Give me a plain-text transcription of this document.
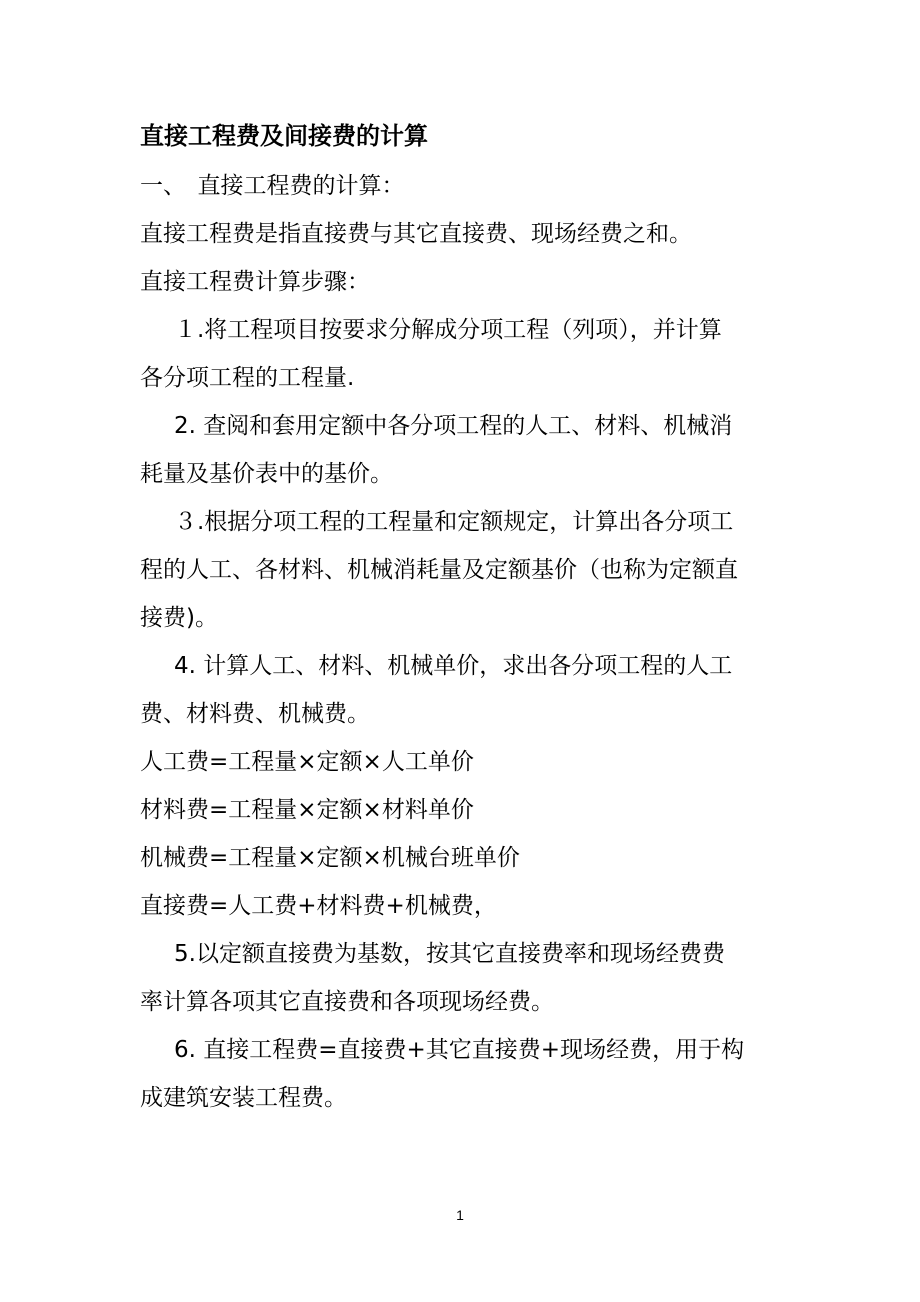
直接工程费及间接费的计算
一、　直接工程费的计算：
直接工程费是指直接费与其它直接费、现场经费之和。
直接工程费计算步骤：
１.将工程项目按要求分解成分项工程（列项），并计算
各分项工程的工程量.
2. 查阅和套用定额中各分项工程的人工、材料、机械消
耗量及基价表中的基价。
３.根据分项工程的工程量和定额规定，计算出各分项工
程的人工、各材料、机械消耗量及定额基价（也称为定额直
接费)。
4. 计算人工、材料、机械单价，求出各分项工程的人工
费、材料费、机械费。
人工费=工程量×定额×人工单价
材料费=工程量×定额×材料单价
机械费=工程量×定额×机械台班单价
直接费=人工费+材料费+机械费，
5.以定额直接费为基数，按其它直接费率和现场经费费
率计算各项其它直接费和各项现场经费。
6. 直接工程费=直接费+其它直接费+现场经费，用于构
成建筑安装工程费。
1
